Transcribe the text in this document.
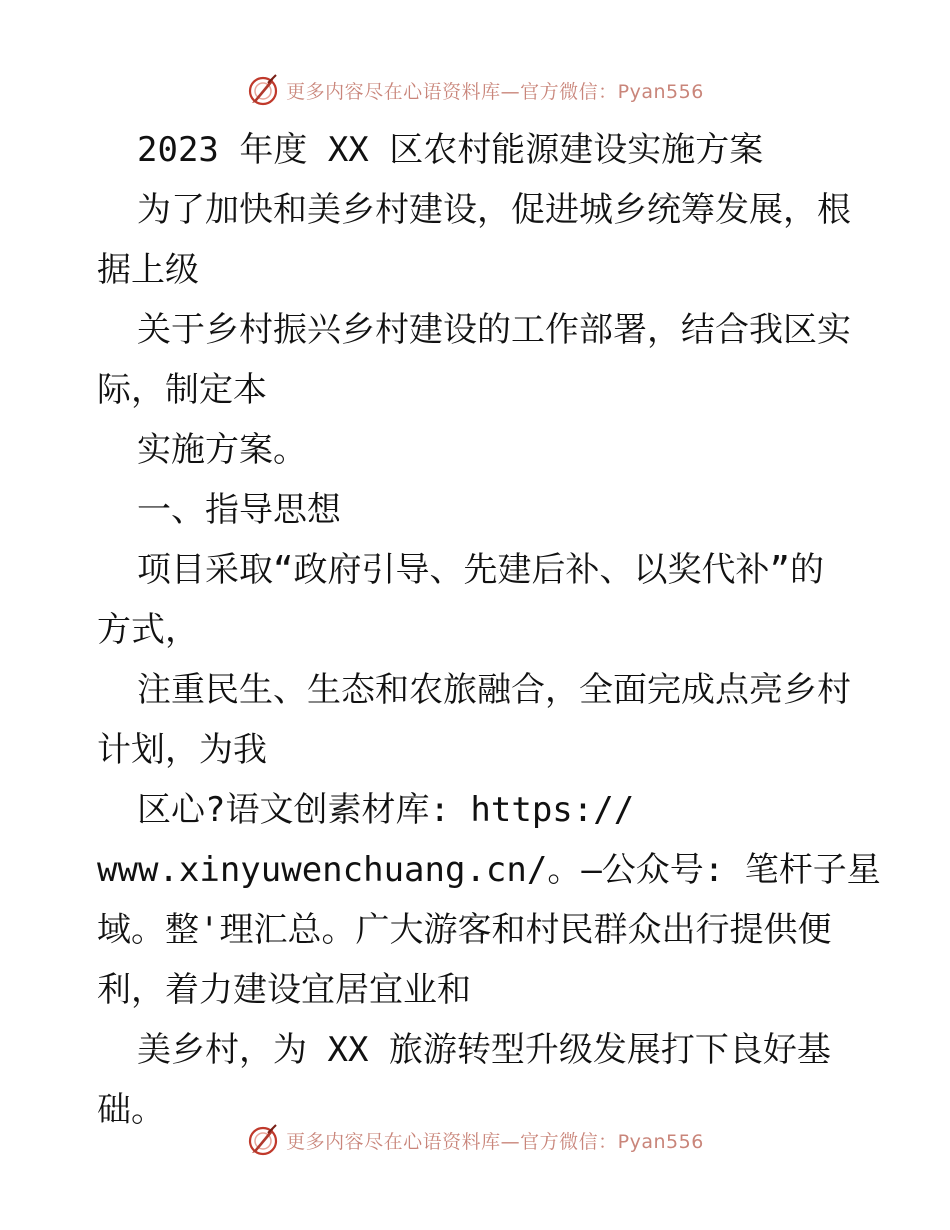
更多内容尽在心语资料库—官方微信：Pyan556
2023 年度 XX 区农村能源建设实施方案
为了加快和美乡村建设，促进城乡统筹发展，根
据上级
关于乡村振兴乡村建设的工作部署，结合我区实
际，制定本
实施方案。
一、指导思想
项目采取“政府引导、先建后补、以奖代补”的
方式，
注重民生、生态和农旅融合，全面完成点亮乡村
计划，为我
区心?语文创素材库: https://
www.xinyuwenchuang.cn/。—公众号: 笔杆子星
域。整'理汇总。广大游客和村民群众出行提供便
利，着力建设宜居宜业和
美乡村，为 XX 旅游转型升级发展打下良好基
础。
更多内容尽在心语资料库—官方微信：Pyan556
